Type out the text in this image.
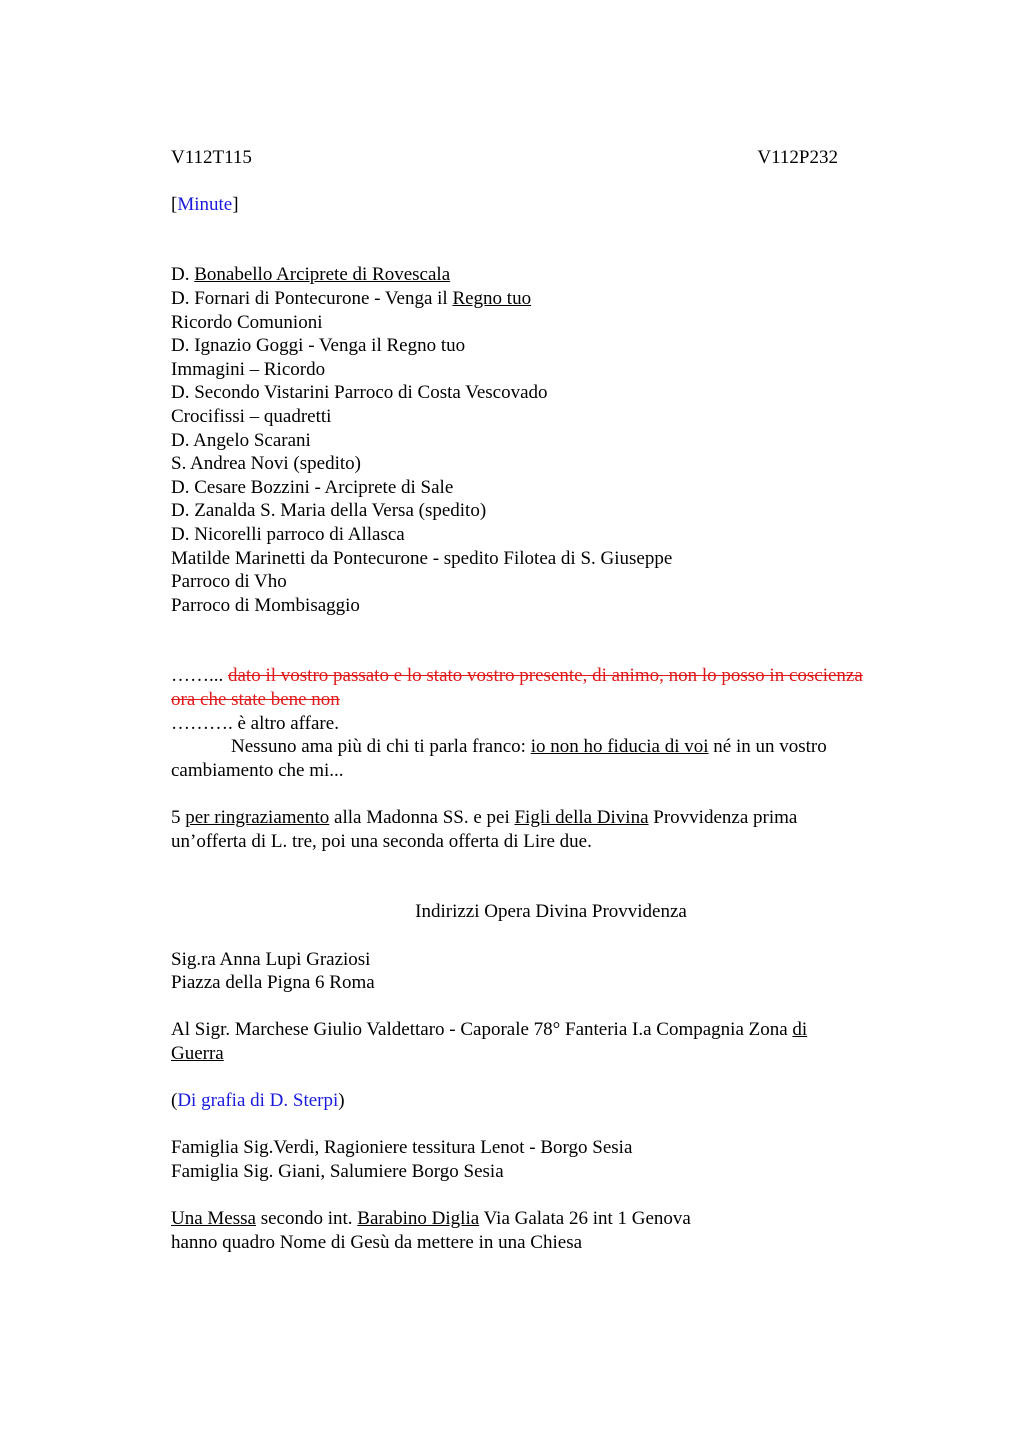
V112T115	V112P232
[Minute]
D. Bonabello Arciprete di Rovescala
D. Fornari di Pontecurone - Venga il Regno tuo
Ricordo Comunioni
D. Ignazio Goggi - Venga il Regno tuo
Immagini – Ricordo
D. Secondo Vistarini Parroco di Costa Vescovado
Crocifissi – quadretti
D. Angelo Scarani
S. Andrea Novi (spedito)
D. Cesare Bozzini - Arciprete di Sale
D. Zanalda S. Maria della Versa (spedito)
D. Nicorelli parroco di Allasca
Matilde Marinetti da Pontecurone - spedito Filotea di S. Giuseppe
Parroco di Vho
Parroco di Mombisaggio
……... dato il vostro passato e lo stato vostro presente, di animo, non lo posso in coscienza
ora che state bene non
………. è altro affare.
Nessuno ama più di chi ti parla franco: io non ho fiducia di voi né in un vostro
cambiamento che mi...
5 per ringraziamento alla Madonna SS. e pei Figli della Divina Provvidenza prima
un’offerta di L. tre, poi una seconda offerta di Lire due.
Indirizzi Opera Divina Provvidenza
Sig.ra Anna Lupi Graziosi
Piazza della Pigna 6 Roma
Al Sigr. Marchese Giulio Valdettaro - Caporale 78° Fanteria I.a Compagnia Zona di
Guerra
(Di grafia di D. Sterpi)
Famiglia Sig.Verdi, Ragioniere tessitura Lenot - Borgo Sesia
Famiglia Sig. Giani, Salumiere Borgo Sesia
Una Messa secondo int. Barabino Diglia Via Galata 26 int 1 Genova
hanno quadro Nome di Gesù da mettere in una Chiesa
